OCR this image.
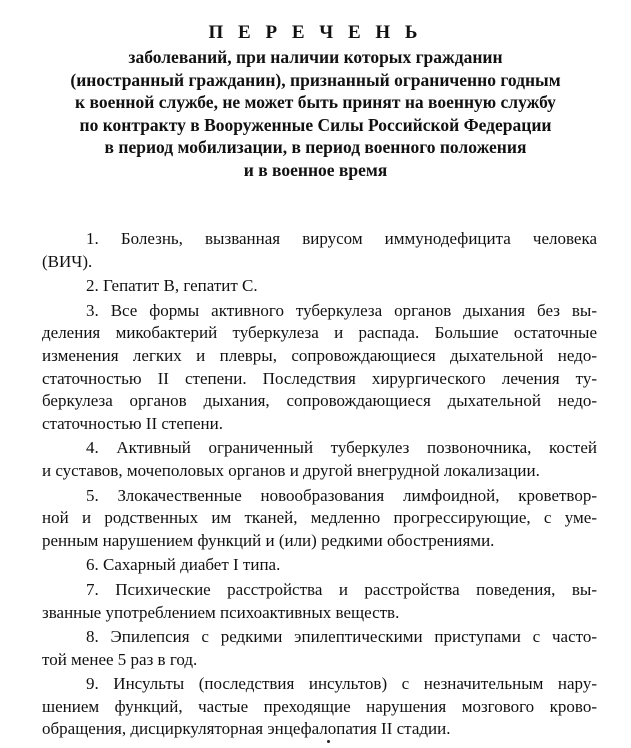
П Е Р Е Ч Е Н Ь
заболеваний, при наличии которых гражданин
(иностранный гражданин), признанный ограниченно годным
к военной службе, не может быть принят на военную службу
по контракту в Вооруженные Силы Российской Федерации
в период мобилизации, в период военного положения
и в военное время
1. Болезнь, вызванная вирусом иммунодефицита человека
(ВИЧ).
2. Гепатит В, гепатит С.
3. Все формы активного туберкулеза органов дыхания без вы-
деления микобактерий туберкулеза и распада. Большие остаточные
изменения легких и плевры, сопровождающиеся дыхательной недо-
статочностью II степени. Последствия хирургического лечения ту-
беркулеза органов дыхания, сопровождающиеся дыхательной недо-
статочностью II степени.
4. Активный ограниченный туберкулез позвоночника, костей
и суставов, мочеполовых органов и другой внегрудной локализации.
5. Злокачественные новообразования лимфоидной, кроветвор-
ной и родственных им тканей, медленно прогрессирующие, с уме-
ренным нарушением функций и (или) редкими обострениями.
6. Сахарный диабет I типа.
7. Психические расстройства и расстройства поведения, вы-
званные употреблением психоактивных веществ.
8. Эпилепсия с редкими эпилептическими приступами с часто-
той менее 5 раз в год.
9. Инсульты (последствия инсультов) с незначительным нару-
шением функций, частые преходящие нарушения мозгового крово-
обращения, дисциркуляторная энцефалопатия II стадии.
